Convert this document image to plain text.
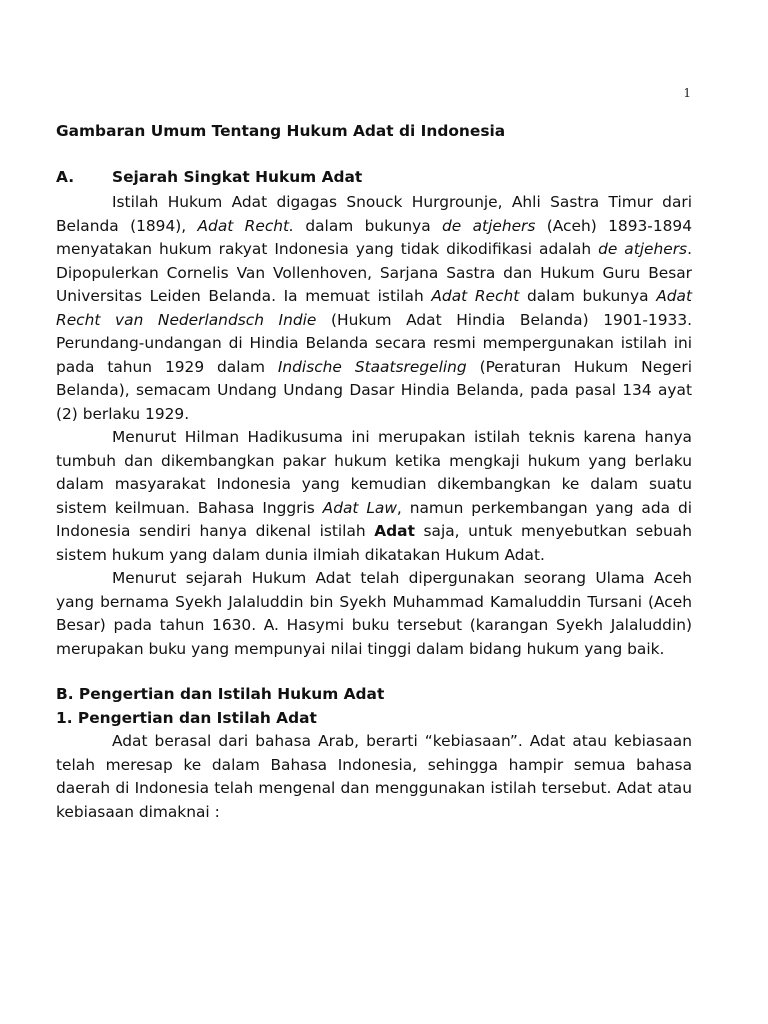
1
Gambaran Umum Tentang Hukum Adat di Indonesia
A. Sejarah Singkat Hukum Adat

Istilah Hukum Adat digagas Snouck Hurgrounje, Ahli Sastra Timur dari Belanda (1894), Adat Recht. dalam bukunya de atjehers (Aceh) 1893-1894 menyatakan hukum rakyat Indonesia yang tidak dikodifikasi adalah de atjehers. Dipopulerkan Cornelis Van Vollenhoven, Sarjana Sastra dan Hukum Guru Besar Universitas Leiden Belanda. Ia memuat istilah Adat Recht dalam bukunya Adat Recht van Nederlandsch Indie (Hukum Adat Hindia Belanda) 1901-1933. Perundang-undangan di Hindia Belanda secara resmi mempergunakan istilah ini pada tahun 1929 dalam Indische Staatsregeling (Peraturan Hukum Negeri Belanda), semacam Undang Undang Dasar Hindia Belanda, pada pasal 134 ayat (2) berlaku 1929.

Menurut Hilman Hadikusuma ini merupakan istilah teknis karena hanya tumbuh dan dikembangkan pakar hukum ketika mengkaji hukum yang berlaku dalam masyarakat Indonesia yang kemudian dikembangkan ke dalam suatu sistem keilmuan. Bahasa Inggris Adat Law, namun perkembangan yang ada di Indonesia sendiri hanya dikenal istilah Adat saja, untuk menyebutkan sebuah sistem hukum yang dalam dunia ilmiah dikatakan Hukum Adat.

Menurut sejarah Hukum Adat telah dipergunakan seorang Ulama Aceh yang bernama Syekh Jalaluddin bin Syekh Muhammad Kamaluddin Tursani (Aceh Besar) pada tahun 1630. A. Hasymi buku tersebut (karangan Syekh Jalaluddin) merupakan buku yang mempunyai nilai tinggi dalam bidang hukum yang baik.

B. Pengertian dan Istilah Hukum Adat
1. Pengertian dan Istilah Adat

Adat berasal dari bahasa Arab, berarti “kebiasaan”. Adat atau kebiasaan telah meresap ke dalam Bahasa Indonesia, sehingga hampir semua bahasa daerah di Indonesia telah mengenal dan menggunakan istilah tersebut. Adat atau kebiasaan dimaknai :
